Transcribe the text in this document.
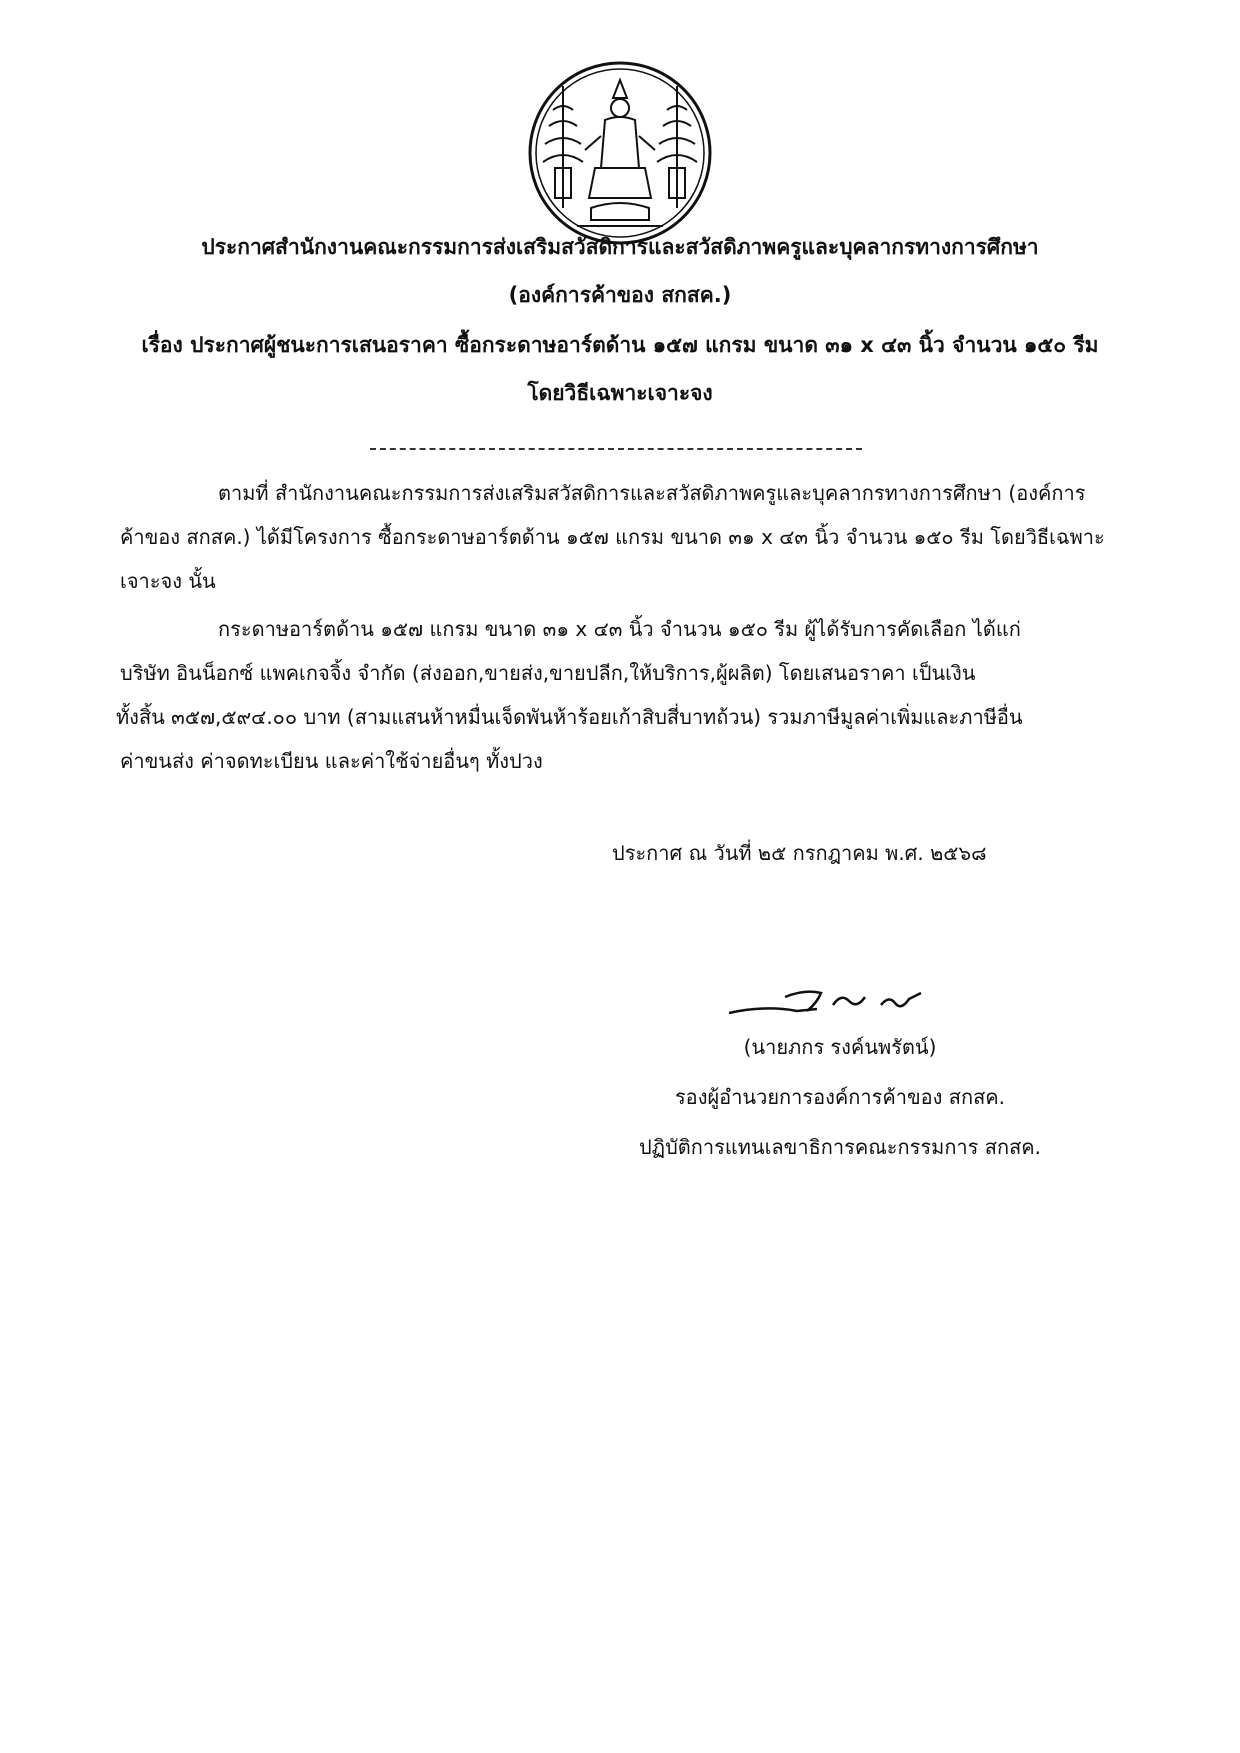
ประกาศสำนักงานคณะกรรมการส่งเสริมสวัสดิการและสวัสดิภาพครูและบุคลากรทางการศึกษา
(องค์การค้าของ สกสค.)
เรื่อง ประกาศผู้ชนะการเสนอราคา ซื้อกระดาษอาร์ตด้าน ๑๕๗ แกรม ขนาด ๓๑ x ๔๓ นิ้ว จำนวน ๑๕๐ รีม
โดยวิธีเฉพาะเจาะจง
ตามที่ สำนักงานคณะกรรมการส่งเสริมสวัสดิการและสวัสดิภาพครูและบุคลากรทางการศึกษา (องค์การ
ค้าของ สกสค.) ได้มีโครงการ ซื้อกระดาษอาร์ตด้าน ๑๕๗ แกรม ขนาด ๓๑ x ๔๓ นิ้ว จำนวน ๑๕๐ รีม โดยวิธีเฉพาะ
เจาะจง นั้น
กระดาษอาร์ตด้าน ๑๕๗ แกรม ขนาด ๓๑ x ๔๓ นิ้ว จำนวน ๑๕๐ รีม ผู้ได้รับการคัดเลือก ได้แก่
บริษัท อินน็อกซ์ แพคเกจจิ้ง จำกัด (ส่งออก,ขายส่ง,ขายปลีก,ให้บริการ,ผู้ผลิต) โดยเสนอราคา เป็นเงิน
ทั้งสิ้น ๓๕๗,๕๙๔.๐๐ บาท (สามแสนห้าหมื่นเจ็ดพันห้าร้อยเก้าสิบสี่บาทถ้วน) รวมภาษีมูลค่าเพิ่มและภาษีอื่น
ค่าขนส่ง ค่าจดทะเบียน และค่าใช้จ่ายอื่นๆ ทั้งปวง
ประกาศ ณ วันที่ ๒๕ กรกฎาคม พ.ศ. ๒๕๖๘
(นายภกร รงค์นพรัตน์)
รองผู้อำนวยการองค์การค้าของ สกสค.
ปฏิบัติการแทนเลขาธิการคณะกรรมการ สกสค.
